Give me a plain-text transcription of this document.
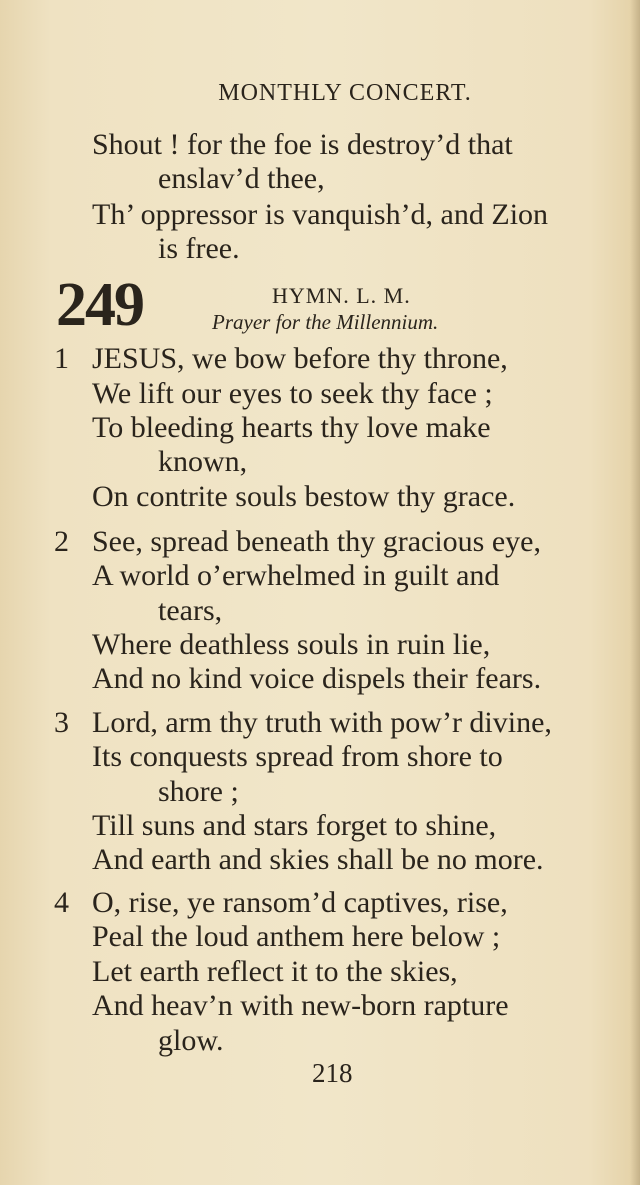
MONTHLY CONCERT.
Shout ! for the foe is destroy’d that
enslav’d thee,
Th’ oppressor is vanquish’d, and Zion
is free.
249	HYMN. L. M.
Prayer for the Millennium.
1 JESUS, we bow before thy throne,
We lift our eyes to seek thy face ;
To bleeding hearts thy love make
known,
On contrite souls bestow thy grace.
2 See, spread beneath thy gracious eye,
A world o’erwhelmed in guilt and
tears,
Where deathless souls in ruin lie,
And no kind voice dispels their fears.
3 Lord, arm thy truth with pow’r divine,
Its conquests spread from shore to
shore ;
Till suns and stars forget to shine,
And earth and skies shall be no more.
4 O, rise, ye ransom’d captives, rise,
Peal the loud anthem here below ;
Let earth reflect it to the skies,
And heav’n with new-born rapture
glow.
218
